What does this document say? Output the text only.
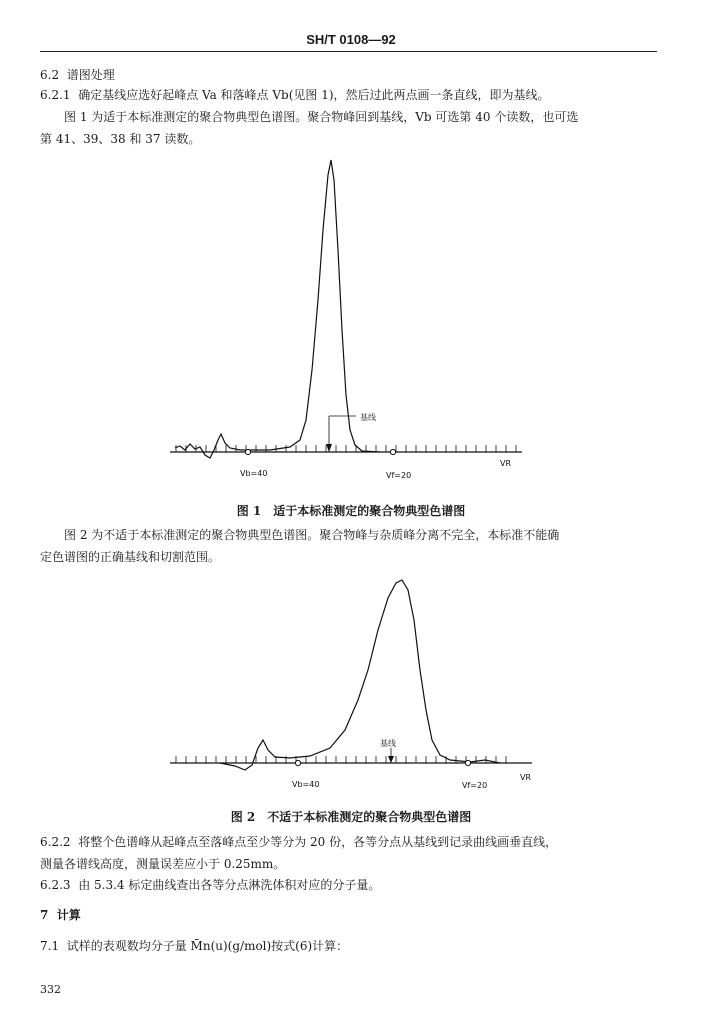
SH/T 0108—92
6.2 谱图处理
6.2.1 确定基线应选好起峰点 Va 和落峰点 Vb(见图 1)，然后过此两点画一条直线，即为基线。
图 1 为适于本标准测定的聚合物典型色谱图。聚合物峰回到基线，Vb 可选第 40 个读数，也可选
第 41、39、38 和 37 读数。
基线
Vb=40	Vf=20
VR
图 1　适于本标准测定的聚合物典型色谱图
图 2 为不适于本标准测定的聚合物典型色谱图。聚合物峰与杂质峰分离不完全，本标准不能确
定色谱图的正确基线和切割范围。
基线
Vb=40	Vf=20
VR
图 2　不适于本标准测定的聚合物典型色谱图
6.2.2 将整个色谱峰从起峰点至落峰点至少等分为 20 份，各等分点从基线到记录曲线画垂直线，
测量各谱线高度，测量误差应小于 0.25mm。
6.2.3 由 5.3.4 标定曲线查出各等分点淋洗体积对应的分子量。
7 计算
7.1 试样的表观数均分子量 M̄n(u)(g/mol)按式(6)计算：
332
